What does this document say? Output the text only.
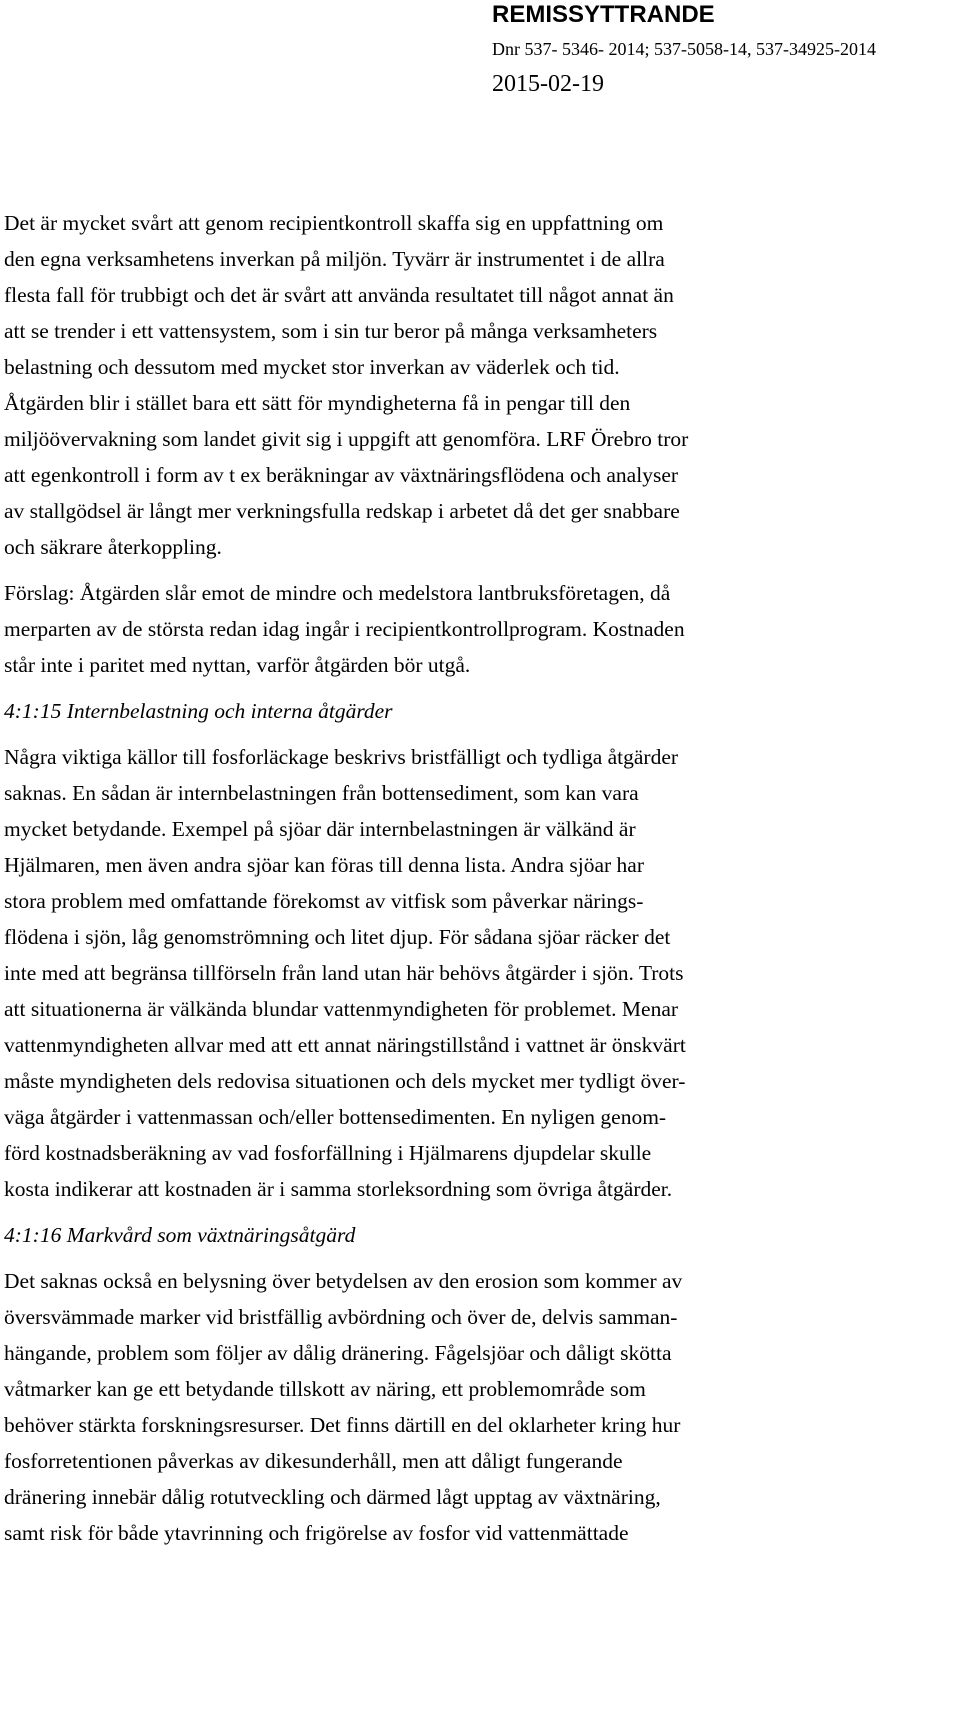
REMISSYTTRANDE
Dnr 537- 5346- 2014; 537-5058-14, 537-34925-2014
2015-02-19

Det är mycket svårt att genom recipientkontroll skaffa sig en uppfattning om
den egna verksamhetens inverkan på miljön. Tyvärr är instrumentet i de allra
flesta fall för trubbigt och det är svårt att använda resultatet till något annat än
att se trender i ett vattensystem, som i sin tur beror på många verksamheters
belastning och dessutom med mycket stor inverkan av väderlek och tid.
Åtgärden blir i stället bara ett sätt för myndigheterna få in pengar till den
miljöövervakning som landet givit sig i uppgift att genomföra. LRF Örebro tror
att egenkontroll i form av t ex beräkningar av växtnäringsflödena och analyser
av stallgödsel är långt mer verkningsfulla redskap i arbetet då det ger snabbare
och säkrare återkoppling.

Förslag: Åtgärden slår emot de mindre och medelstora lantbruksföretagen, då
merparten av de största redan idag ingår i recipientkontrollprogram. Kostnaden
står inte i paritet med nyttan, varför åtgärden bör utgå.

4:1:15 Internbelastning och interna åtgärder

Några viktiga källor till fosforläckage beskrivs bristfälligt och tydliga åtgärder
saknas. En sådan är internbelastningen från bottensediment, som kan vara
mycket betydande. Exempel på sjöar där internbelastningen är välkänd är
Hjälmaren, men även andra sjöar kan föras till denna lista. Andra sjöar har
stora problem med omfattande förekomst av vitfisk som påverkar närings-
flödena i sjön, låg genomströmning och litet djup. För sådana sjöar räcker det
inte med att begränsa tillförseln från land utan här behövs åtgärder i sjön. Trots
att situationerna är välkända blundar vattenmyndigheten för problemet. Menar
vattenmyndigheten allvar med att ett annat näringstillstånd i vattnet är önskvärt
måste myndigheten dels redovisa situationen och dels mycket mer tydligt över-
väga åtgärder i vattenmassan och/eller bottensedimenten. En nyligen genom-
förd kostnadsberäkning av vad fosforfällning i Hjälmarens djupdelar skulle
kosta indikerar att kostnaden är i samma storleksordning som övriga åtgärder.

4:1:16 Markvård som växtnäringsåtgärd

Det saknas också en belysning över betydelsen av den erosion som kommer av
översvämmade marker vid bristfällig avbördning och över de, delvis samman-
hängande, problem som följer av dålig dränering. Fågelsjöar och dåligt skötta
våtmarker kan ge ett betydande tillskott av näring, ett problemområde som
behöver stärkta forskningsresurser. Det finns därtill en del oklarheter kring hur
fosforretentionen påverkas av dikesunderhåll, men att dåligt fungerande
dränering innebär dålig rotutveckling och därmed lågt upptag av växtnäring,
samt risk för både ytavrinning och frigörelse av fosfor vid vattenmättade
